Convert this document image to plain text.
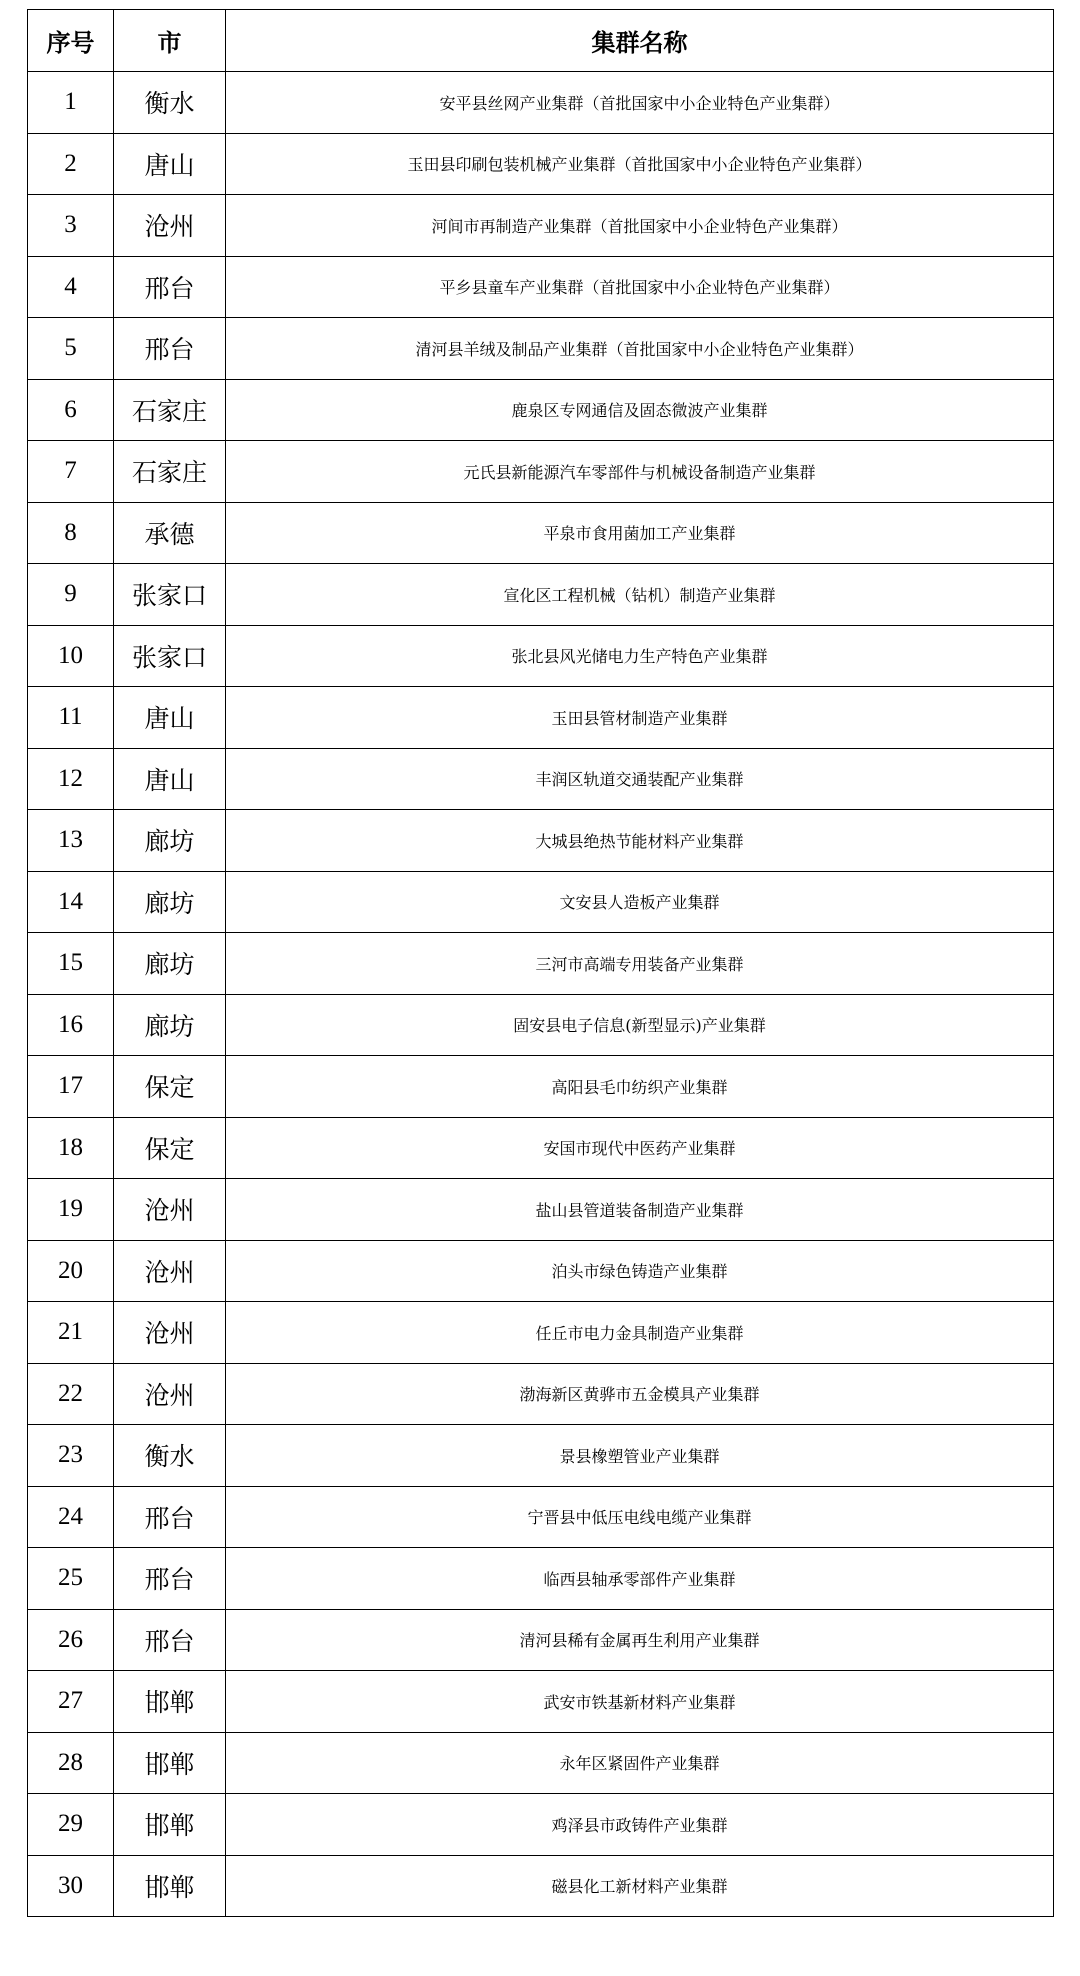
序号	市	集群名称
1	衡水	安平县丝网产业集群（首批国家中小企业特色产业集群）
2	唐山	玉田县印刷包装机械产业集群（首批国家中小企业特色产业集群）
3	沧州	河间市再制造产业集群（首批国家中小企业特色产业集群）
4	邢台	平乡县童车产业集群（首批国家中小企业特色产业集群）
5	邢台	清河县羊绒及制品产业集群（首批国家中小企业特色产业集群）
6	石家庄	鹿泉区专网通信及固态微波产业集群
7	石家庄	元氏县新能源汽车零部件与机械设备制造产业集群
8	承德	平泉市食用菌加工产业集群
9	张家口	宣化区工程机械（钻机）制造产业集群
10	张家口	张北县风光储电力生产特色产业集群
11	唐山	玉田县管材制造产业集群
12	唐山	丰润区轨道交通装配产业集群
13	廊坊	大城县绝热节能材料产业集群
14	廊坊	文安县人造板产业集群
15	廊坊	三河市高端专用装备产业集群
16	廊坊	固安县电子信息(新型显示)产业集群
17	保定	高阳县毛巾纺织产业集群
18	保定	安国市现代中医药产业集群
19	沧州	盐山县管道装备制造产业集群
20	沧州	泊头市绿色铸造产业集群
21	沧州	任丘市电力金具制造产业集群
22	沧州	渤海新区黄骅市五金模具产业集群
23	衡水	景县橡塑管业产业集群
24	邢台	宁晋县中低压电线电缆产业集群
25	邢台	临西县轴承零部件产业集群
26	邢台	清河县稀有金属再生利用产业集群
27	邯郸	武安市铁基新材料产业集群
28	邯郸	永年区紧固件产业集群
29	邯郸	鸡泽县市政铸件产业集群
30	邯郸	磁县化工新材料产业集群
